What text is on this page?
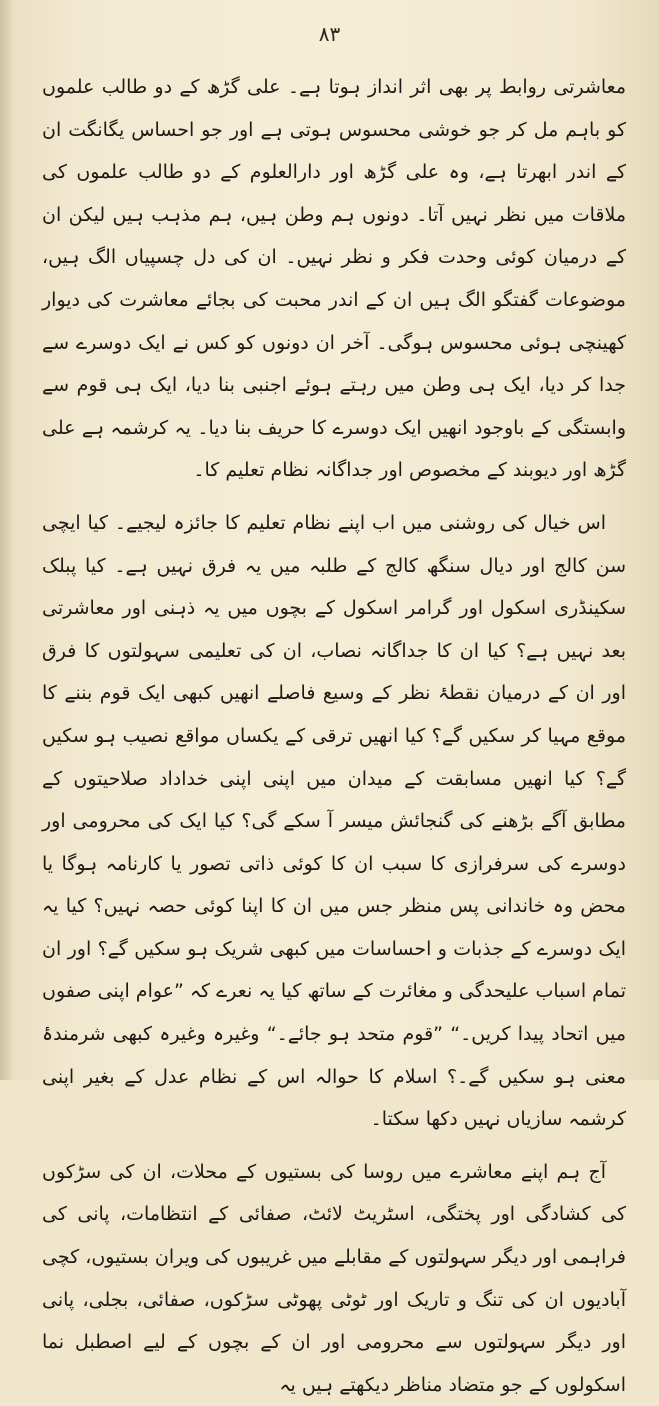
۸۳

معاشرتی روابط پر بھی اثر انداز ہوتا ہے۔ علی گڑھ کے دو طالب علموں کو باہم مل کر جو خوشی محسوس ہوتی ہے اور جو احساس یگانگت ان کے اندر ابھرتا ہے، وہ علی گڑھ اور دارالعلوم کے دو طالب علموں کی ملاقات میں نظر نہیں آتا۔ دونوں ہم وطن ہیں، ہم مذہب ہیں لیکن ان کے درمیان کوئی وحدت فکر و نظر نہیں۔ ان کی دل چسپیاں الگ ہیں، موضوعات گفتگو الگ ہیں ان کے اندر محبت کی بجائے معاشرت کی دیوار کھینچی ہوئی محسوس ہوگی۔ آخر ان دونوں کو کس نے ایک دوسرے سے جدا کر دیا، ایک ہی وطن میں رہتے ہوئے اجنبی بنا دیا، ایک ہی قوم سے وابستگی کے باوجود انھیں ایک دوسرے کا حریف بنا دیا۔ یہ کرشمہ ہے علی گڑھ اور دیوبند کے مخصوص اور جداگانہ نظام تعلیم کا۔

اس خیال کی روشنی میں اب اپنے نظام تعلیم کا جائزہ لیجیے۔ کیا ایچی سن کالج اور دیال سنگھ کالج کے طلبہ میں یہ فرق نہیں ہے۔ کیا پبلک سکینڈری اسکول اور گرامر اسکول کے بچوں میں یہ ذہنی اور معاشرتی بعد نہیں ہے؟ کیا ان کا جداگانہ نصاب، ان کی تعلیمی سہولتوں کا فرق اور ان کے درمیان نقطۂ نظر کے وسیع فاصلے انھیں کبھی ایک قوم بننے کا موقع مہیا کر سکیں گے؟ کیا انھیں ترقی کے یکساں مواقع نصیب ہو سکیں گے؟ کیا انھیں مسابقت کے میدان میں اپنی اپنی خداداد صلاحیتوں کے مطابق آگے بڑھنے کی گنجائش میسر آ سکے گی؟ کیا ایک کی محرومی اور دوسرے کی سرفرازی کا سبب ان کا کوئی ذاتی تصور یا کارنامہ ہوگا یا محض وہ خاندانی پس منظر جس میں ان کا اپنا کوئی حصہ نہیں؟ کیا یہ ایک دوسرے کے جذبات و احساسات میں کبھی شریک ہو سکیں گے؟ اور ان تمام اسباب علیحدگی و مغائرت کے ساتھ کیا یہ نعرے کہ ”عوام اپنی صفوں میں اتحاد پیدا کریں۔“ ”قوم متحد ہو جائے۔“ وغیرہ وغیرہ کبھی شرمندۂ معنی ہو سکیں گے۔؟ اسلام کا حوالہ اس کے نظام عدل کے بغیر اپنی کرشمہ سازیاں نہیں دکھا سکتا۔

آج ہم اپنے معاشرے میں روسا کی بستیوں کے محلات، ان کی سڑکوں کی کشادگی اور پختگی، اسٹریٹ لائٹ، صفائی کے انتظامات، پانی کی فراہمی اور دیگر سہولتوں کے مقابلے میں غریبوں کی ویران بستیوں، کچی آبادیوں ان کی تنگ و تاریک اور ٹوٹی پھوٹی سڑکوں، صفائی، بجلی، پانی اور دیگر سہولتوں سے محرومی اور ان کے بچوں کے لیے اصطبل نما اسکولوں کے جو متضاد مناظر دیکھتے ہیں یہ
